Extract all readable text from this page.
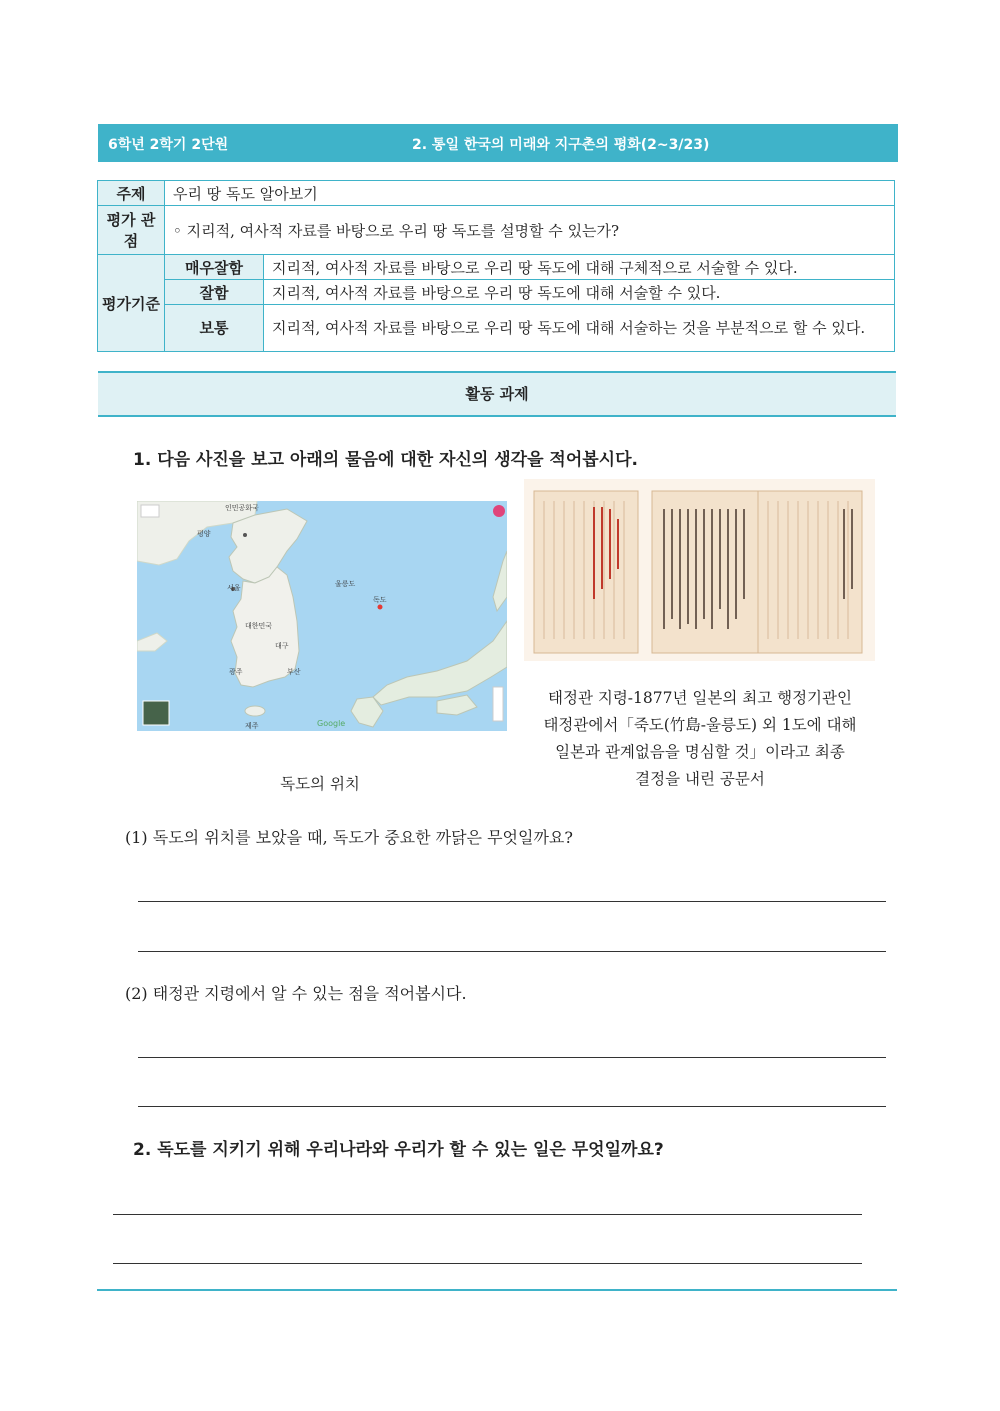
6학년 2학기 2단원	2. 통일 한국의 미래와 지구촌의 평화(2~3/23)
주제	우리 땅 독도 알아보기	
평가 관점	◦ 지리적, 여사적 자료를 바탕으로 우리 땅 독도를 설명할 수 있는가?	
평가기준	매우잘함	지리적, 여사적 자료를 바탕으로 우리 땅 독도에 대해 구체적으로 서술할 수 있다.
	잘함	지리적, 여사적 자료를 바탕으로 우리 땅 독도에 대해 서술할 수 있다.
	보통	지리적, 여사적 자료를 바탕으로 우리 땅 독도에 대해 서술하는 것을 부분적으로 할 수 있다.
활동 과제
1. 다음 사진을 보고 아래의 물음에 대한 자신의 생각을 적어봅시다.
인민공화국
평양
서울
대한민국
대구
광주	부산
제주
울릉도
독도
Google
독도의 위치
태정관 지령-1877년 일본의 최고 행정기관인
태정관에서「죽도(竹島-울릉도) 외 1도에 대해
일본과 관계없음을 명심할 것」이라고 최종
결정을 내린 공문서
(1) 독도의 위치를 보았을 때, 독도가 중요한 까닭은 무엇일까요?
(2) 태정관 지령에서 알 수 있는 점을 적어봅시다.
2. 독도를 지키기 위해 우리나라와 우리가 할 수 있는 일은 무엇일까요?
